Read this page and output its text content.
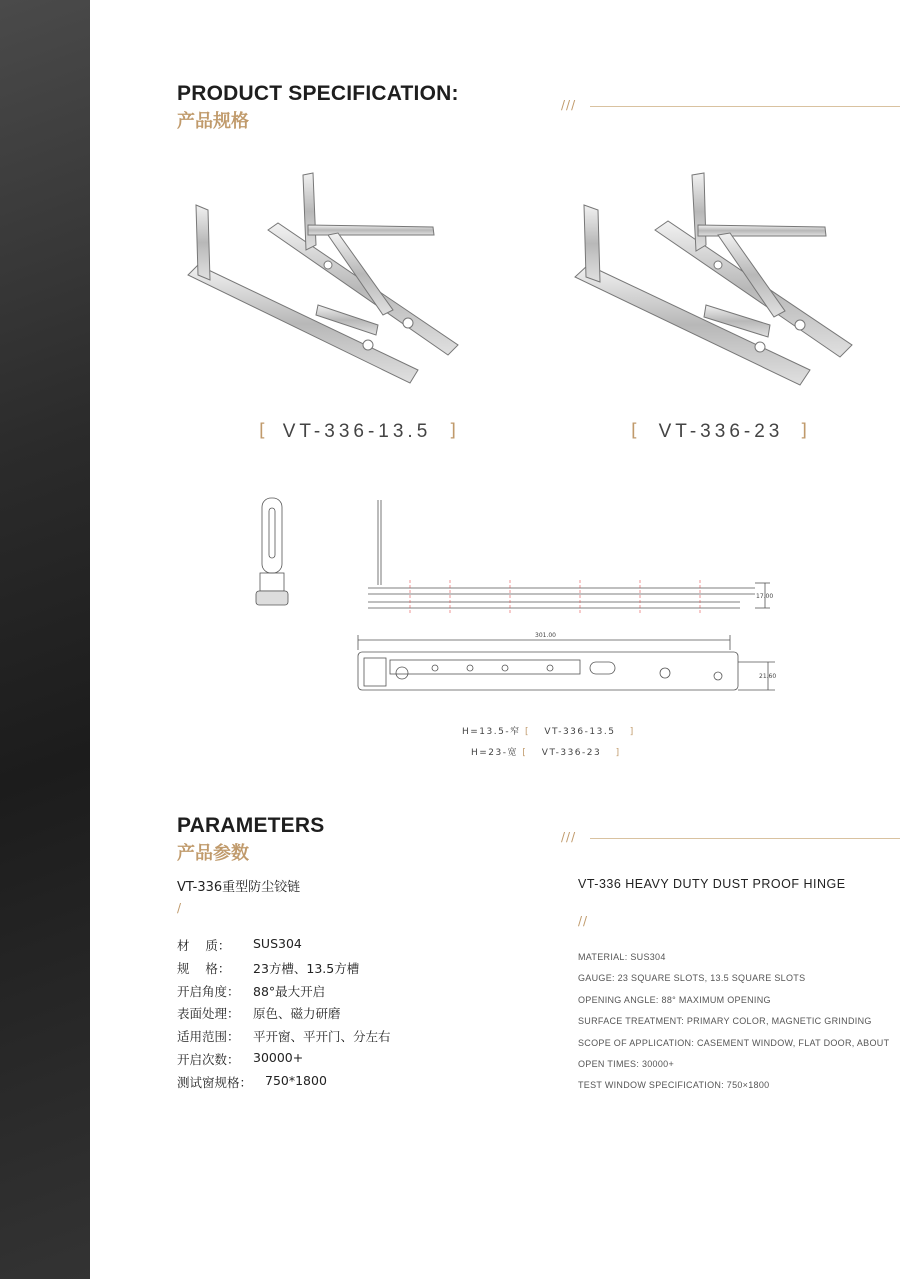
PRODUCT SPECIFICATION:
产品规格
///
[ VT-336-13.5 ]	[	VT-336-23 ]
17.00
301.00
21.60
H=13.5-窄 [ VT-336-13.5 ]
H=23-宽 [ VT-336-23 ]
PARAMETERS
产品参数
///
VT-336重型防尘铰链
/
VT-336 HEAVY DUTY DUST PROOF HINGE
//
材    质：	SUS304
规    格：	23方槽、13.5方槽
开启角度：	88°最大开启
表面处理：	原色、磁力研磨
适用范围：	平开窗、平开门、分左右
开启次数：	30000+
测试窗规格：	750*1800
MATERIAL: SUS304
GAUGE: 23 SQUARE SLOTS, 13.5 SQUARE SLOTS
OPENING ANGLE: 88° MAXIMUM OPENING
SURFACE TREATMENT: PRIMARY COLOR, MAGNETIC GRINDING
SCOPE OF APPLICATION: CASEMENT WINDOW, FLAT DOOR, ABOUT
OPEN TIMES: 30000+
TEST WINDOW SPECIFICATION: 750×1800
